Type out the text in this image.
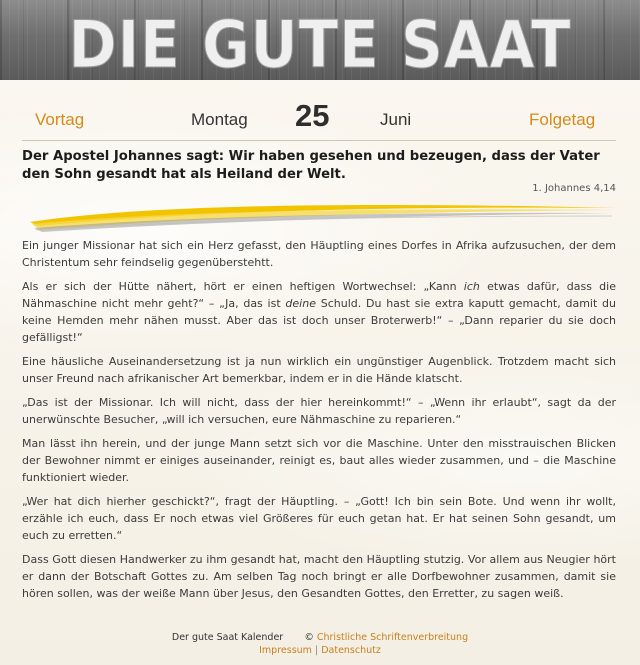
DIE GUTE SAAT
Vortag	Montag 25	Juni	Folgetag
Der Apostel Johannes sagt: Wir haben gesehen und bezeugen, dass der Vater den Sohn gesandt hat als Heiland der Welt.
1. Johannes 4,14

Ein junger Missionar hat sich ein Herz gefasst, den Häuptling eines Dorfes in Afrika aufzusuchen, der dem Christentum sehr feindselig gegenüberstehtt.

Als er sich der Hütte nähert, hört er einen heftigen Wortwechsel: „Kann ich etwas dafür, dass die Nähmaschine nicht mehr geht?“ – „Ja, das ist deine Schuld. Du hast sie extra kaputt gemacht, damit du keine Hemden mehr nähen musst. Aber das ist doch unser Broterwerb!“ – „Dann reparier du sie doch gefälligst!“

Eine häusliche Auseinandersetzung ist ja nun wirklich ein ungünstiger Augenblick. Trotzdem macht sich unser Freund nach afrikanischer Art bemerkbar, indem er in die Hände klatscht.

„Das ist der Missionar. Ich will nicht, dass der hier hereinkommt!“ – „Wenn ihr erlaubt“, sagt da der unerwünschte Besucher, „will ich versuchen, eure Nähmaschine zu reparieren.“

Man lässt ihn herein, und der junge Mann setzt sich vor die Maschine. Unter den misstrauischen Blicken der Bewohner nimmt er einiges auseinander, reinigt es, baut alles wieder zusammen, und – die Maschine funktioniert wieder.

„Wer hat dich hierher geschickt?“, fragt der Häuptling. – „Gott! Ich bin sein Bote. Und wenn ihr wollt, erzähle ich euch, dass Er noch etwas viel Größeres für euch getan hat. Er hat seinen Sohn gesandt, um euch zu erretten.“

Dass Gott diesen Handwerker zu ihm gesandt hat, macht den Häuptling stutzig. Vor allem aus Neugier hört er dann der Botschaft Gottes zu. Am selben Tag noch bringt er alle Dorfbewohner zusammen, damit sie hören sollen, was der weiße Mann über Jesus, den Gesandten Gottes, den Erretter, zu sagen weiß.

Der gute Saat Kalender © Christliche Schriftenverbreitung
Impressum | Datenschutz
